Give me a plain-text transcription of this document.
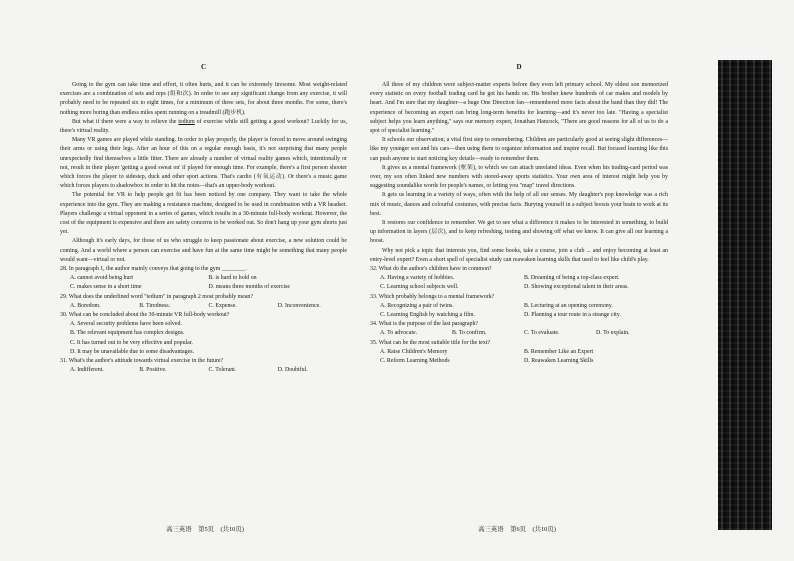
C

Going to the gym can take time and effort, it often hurts, and it can be extremely tiresome. Most weight-related exercises are a combination of sets and reps (组和次). In order to see any significant change from any exercise, it will probably need to be repeated six to eight times, for a minimum of three sets, for about three months. For some, there's nothing more boring than endless miles spent running on a treadmill (跑步机).

But what if there were a way to relieve the tedium of exercise while still getting a good workout? Luckily for us, there's virtual reality.

Many VR games are played while standing. In order to play properly, the player is forced to move around swinging their arms or using their legs. After an hour of this on a regular enough basis, it's not surprising that many people unexpectedly find themselves a little fitter. There are already a number of virtual reality games which, intentionally or not, result in their player 'getting a good sweat on' if played for enough time. For example, there's a first person shooter which forces the player to sidestep, duck and other sport actions. That's cardio (有氧运动). Or there's a music game which forces players to shadowbox in order to hit the notes—that's an upper-body workout.

The potential for VR to help people get fit has been noticed by one company. They want to take the whole experience into the gym. They are making a resistance machine, designed to be used in combination with a VR headset. Players challenge a virtual opponent in a series of games, which results in a 30-minute full-body workout. However, the cost of the equipment is expensive and there are safety concerns to be worked out. So don't hang up your gym shorts just yet.

Although it's early days, for those of us who struggle to keep passionate about exercise, a new solution could be coming. And a world where a person can exercise and have fun at the same time might be something that many people would want—virtual or not.

28. In paragraph 1, the author mainly conveys that going to the gym ________.

A. cannot avoid being hurt	B. is hard to hold on
C. makes sense in a short time	D. means three months of exercise

29. What does the underlined word "tedium" in paragraph 2 most probably mean?

A. Boredom.	B. Tiredness.	C. Expense.	D. Inconvenience.

30. What can be concluded about the 30-minute VR full-body workout?

A. Several security problems have been solved.
B. The relevant equipment has complex designs.
C. It has turned out to be very effective and popular.
D. It may be unavailable due to some disadvantages.

31. What's the author's attitude towards virtual exercise in the future?

A. Indifferent.	B. Positive.	C. Tolerant.	D. Doubtful.
D

All three of my children were subject-matter experts before they even left primary school. My eldest son memorized every statistic on every football trading card he got his hands on. His brother knew hundreds of car makes and models by heart. And I'm sure that my daughter—a huge One Direction fan—remembered more facts about the band than they did! The experience of becoming an expert can bring long-term benefits for learning—and it's never too late. "Having a specialist subject helps you learn anything," says our memory expert, Jonathan Hancock, "There are good reasons for all of us to do a spot of specialist learning."

It schools our observation; a vital first step to remembering. Children are particularly good at seeing slight differences—like my younger son and his cars—then using them to organize information and inspire recall. But focused learning like this can push anyone to start noticing key details—ready to remember them.

It gives us a mental framework (框架), to which we can attach unrelated ideas. Even when his trading-card period was over, my son often linked new numbers with stored-away sports statistics. Your own area of interest might help you by suggesting soundalike words for people's names, or letting you "map" travel directions.

It gets us learning in a variety of ways, often with the help of all our senses. My daughter's pop knowledge was a rich mix of music, dances and colourful costumes, with precise facts. Burying yourself in a subject boosts your brain to work at its best.

It restores our confidence to remember. We get to see what a difference it makes to be interested in something, to build up information in layers (层次), and to keep refreshing, testing and showing off what we know. It can give all our learning a boost.

Why not pick a topic that interests you, find some books, take a course, join a club ... and enjoy becoming at least an entry-level expert? Even a short spell of specialist study can reawaken learning skills that used to feel like child's play.

32. What do the author's children have in common?

A. Having a variety of hobbies.	B. Dreaming of being a top-class expert.
C. Learning school subjects well.	D. Showing exceptional talent in their areas.

33. Which probably belongs to a mental framework?

A. Recognizing a pair of twins.	B. Lecturing at an opening ceremony.
C. Learning English by watching a film.	D. Planning a tour route in a strange city.

34. What is the purpose of the last paragraph?

A. To advocate.	B. To confirm.	C. To evaluate.	D. To explain.

35. What can be the most suitable title for the text?

A. Raise Children's Memory	B. Remember Like an Expert
C. Reform Learning Methods	D. Reawaken Learning Skills
高三英语　第5页　(共10页)	高三英语　第6页　(共10页)
